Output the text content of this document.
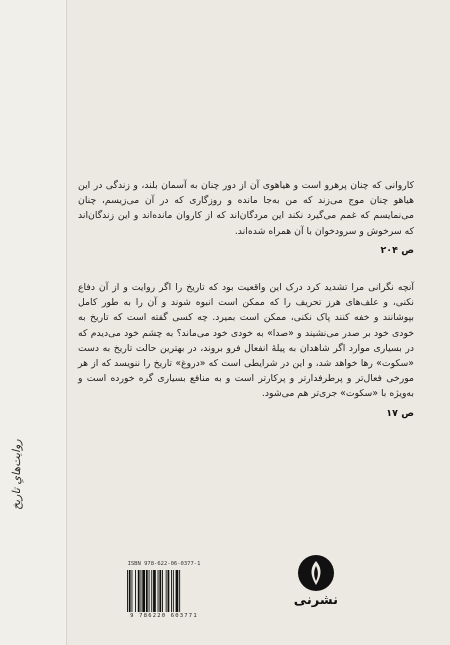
روایت‌هایِ تاریخ

کاروانی که چنان پرهرو است و هیاهوی آن از دور چنان به آسمان بلند، و زندگی در این هیاهو چنان موج می‌زند که من به‌جا مانده و روزگاری که در آن می‌زیسم، چنان می‌نمایسم که غمم می‌گیرد نکند این مردگان‌اند که از کاروان مانده‌اند و این زندگان‌اند که سرخوش و سرودخوان با آن همراه شده‌اند.

ص ۲۰۴

آنچه نگرانی مرا تشدید کرد درک این واقعیت بود که تاریخ را اگر روایت و از آن دفاع نکنی، و علف‌های هرز تحریف را که ممکن است انبوه شوند و آن را به طور کامل بپوشانند و خفه کنند پاک نکنی، ممکن است بمیرد. چه کسی گفته است که تاریخ به خودی خود بر صدر می‌نشیند و «صدا» به خودی خود می‌ماند؟ به چشم خود می‌دیدم که در بسیاری موارد اگر شاهدان به پیلهٔ انفعال فرو بروند، در بهترین حالت تاریخ به دست «سکوت» رها خواهد شد، و این در شرایطی است که «دروغ» تاریخ را ننویسد که از هر مورخی فعال‌تر و پرطرفدارتر و پرکارتر است و به منافع بسیاری گره خورده است و به‌ویژه با «سکوت» جری‌تر هم می‌شود.

ص ۱۷

ISBN 978-622-06-0377-1
9 786220 603771
نشرنی
